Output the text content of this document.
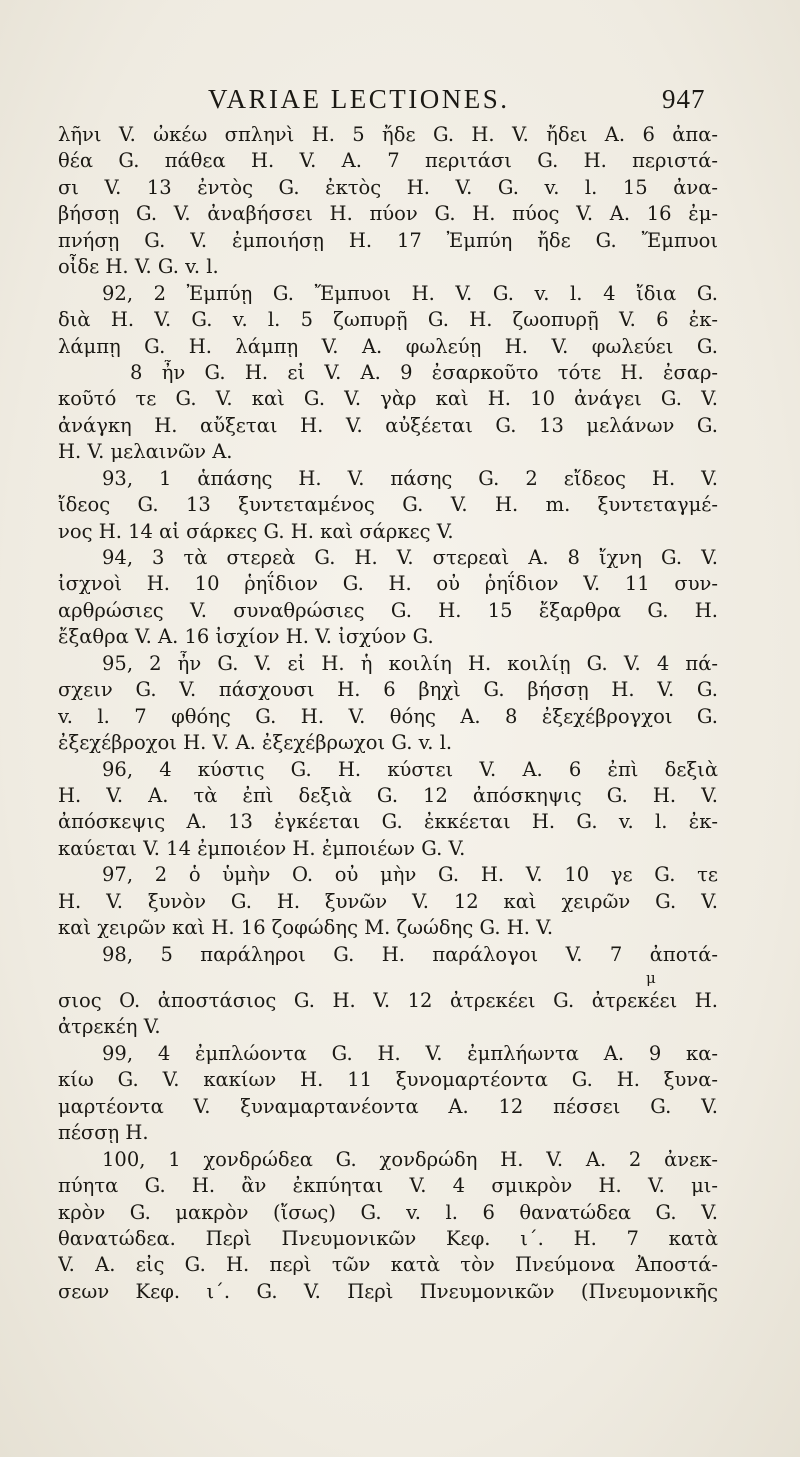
VARIAE LECTIONES.	947
λῆνι V. ὠκέω σπληνὶ H. 5 ἤδε G. H. V. ἤδει A. 6 ἀπα-
θέα G. πάθεα H. V. A. 7 περιτάσι G. H. περιστά-
σι V. 13 ἐντὸς G. ἐκτὸς H. V. G. v. l. 15 ἀνα-
βήσσῃ G. V. ἀναβήσσει H. πύον G. H. πύος V. A. 16 ἐμ-
πνήσῃ G. V. ἐμποιήσῃ H. 17 Ἐμπύη ἤδε G. Ἔμπυοι
οἶδε H. V. G. v. l.
92, 2 Ἐμπύῃ G. Ἔμπυοι H. V. G. v. l. 4 ἴδια G.
διὰ H. V. G. v. l. 5 ζωπυρῇ G. H. ζωοπυρῇ V. 6 ἐκ-
λάμπῃ G. H. λάμπῃ V. A. φωλεύῃ H. V. φωλεύει G.
8 ἦν G. H. εἰ V. A. 9 ἐσαρκοῦτο τότε H. ἐσαρ-
κοῦτό τε G. V. καὶ G. V. γὰρ καὶ H. 10 ἀνάγει G. V.
ἀνάγκη H. αὔξεται H. V. αὐξέεται G. 13 μελάνων G.
H. V. μελαινῶν A.
93, 1 ἁπάσης H. V. πάσης G. 2 εἴδεος H. V.
ἴδεος G. 13 ξυντεταμένος G. V. H. m. ξυντεταγμέ-
νος H. 14 αἱ σάρκες G. H. καὶ σάρκες V.
94, 3 τὰ στερεὰ G. H. V. στερεαὶ A. 8 ἴχνη G. V.
ἰσχνοὶ H. 10 ῥηΐδιον G. H. οὐ ῥηΐδιον V. 11 συν-
αρθρώσιες V. συναθρώσιες G. H. 15 ἔξαρθρα G. H.
ἔξαθρα V. A. 16 ἰσχίον H. V. ἰσχύον G.
95, 2 ἦν G. V. εἰ H. ἡ κοιλίη H. κοιλίῃ G. V. 4 πά-
σχειν G. V. πάσχουσι H. 6 βηχὶ G. βήσσῃ H. V. G.
v. l. 7 φθόης G. H. V. θόης A. 8 ἐξεχέβρογχοι G.
ἐξεχέβροχοι H. V. A. ἐξεχέβρωχοι G. v. l.
96, 4 κύστις G. H. κύστει V. A. 6 ἐπὶ δεξιὰ
H. V. A. τὰ ἐπὶ δεξιὰ G. 12 ἀπόσκηψις G. H. V.
ἀπόσκεψις A. 13 ἐγκέεται G. ἐκκέεται H. G. v. l. ἐκ-
καύεται V. 14 ἐμποιέον H. ἐμποιέων G. V.
97, 2 ὁ ὑμὴν O. οὐ μὴν G. H. V. 10 γε G. τε
H. V. ξυνὸν G. H. ξυνῶν V. 12 καὶ χειρῶν G. V.
καὶ χειρῶν καὶ H. 16 ζοφώδης M. ζωώδης G. H. V.
98, 5 παράληροι G. H. παράλογοι V. 7 ἀποτά-
μ
σιος O. ἀποστάσιος G. H. V. 12 ἀτρεκέει G. ἀτρεκέει H.
ἀτρεκέη V.
99, 4 ἐμπλώοντα G. H. V. ἐμπλήωντα A. 9 κα-
κίω G. V. κακίων H. 11 ξυνομαρτέοντα G. H. ξυνα-
μαρτέοντα V. ξυναμαρτανέοντα A. 12 πέσσει G. V.
πέσσῃ H.
100, 1 χονδρώδεα G. χονδρώδη H. V. A. 2 ἀνεκ-
πύητα G. H. ἂν ἐκπύηται V. 4 σμικρὸν H. V. μι-
κρὸν G. μακρὸν (ἴσως) G. v. l. 6 θανατώδεα G. V.
θανατώδεα. Περὶ Πνευμονικῶν Κεφ. ι΄. H. 7 κατὰ
V. A. εἰς G. H. περὶ τῶν κατὰ τὸν Πνεύμονα Ἀποστά-
σεων Κεφ. ι΄. G. V. Περὶ Πνευμονικῶν (Πνευμονικῆς
